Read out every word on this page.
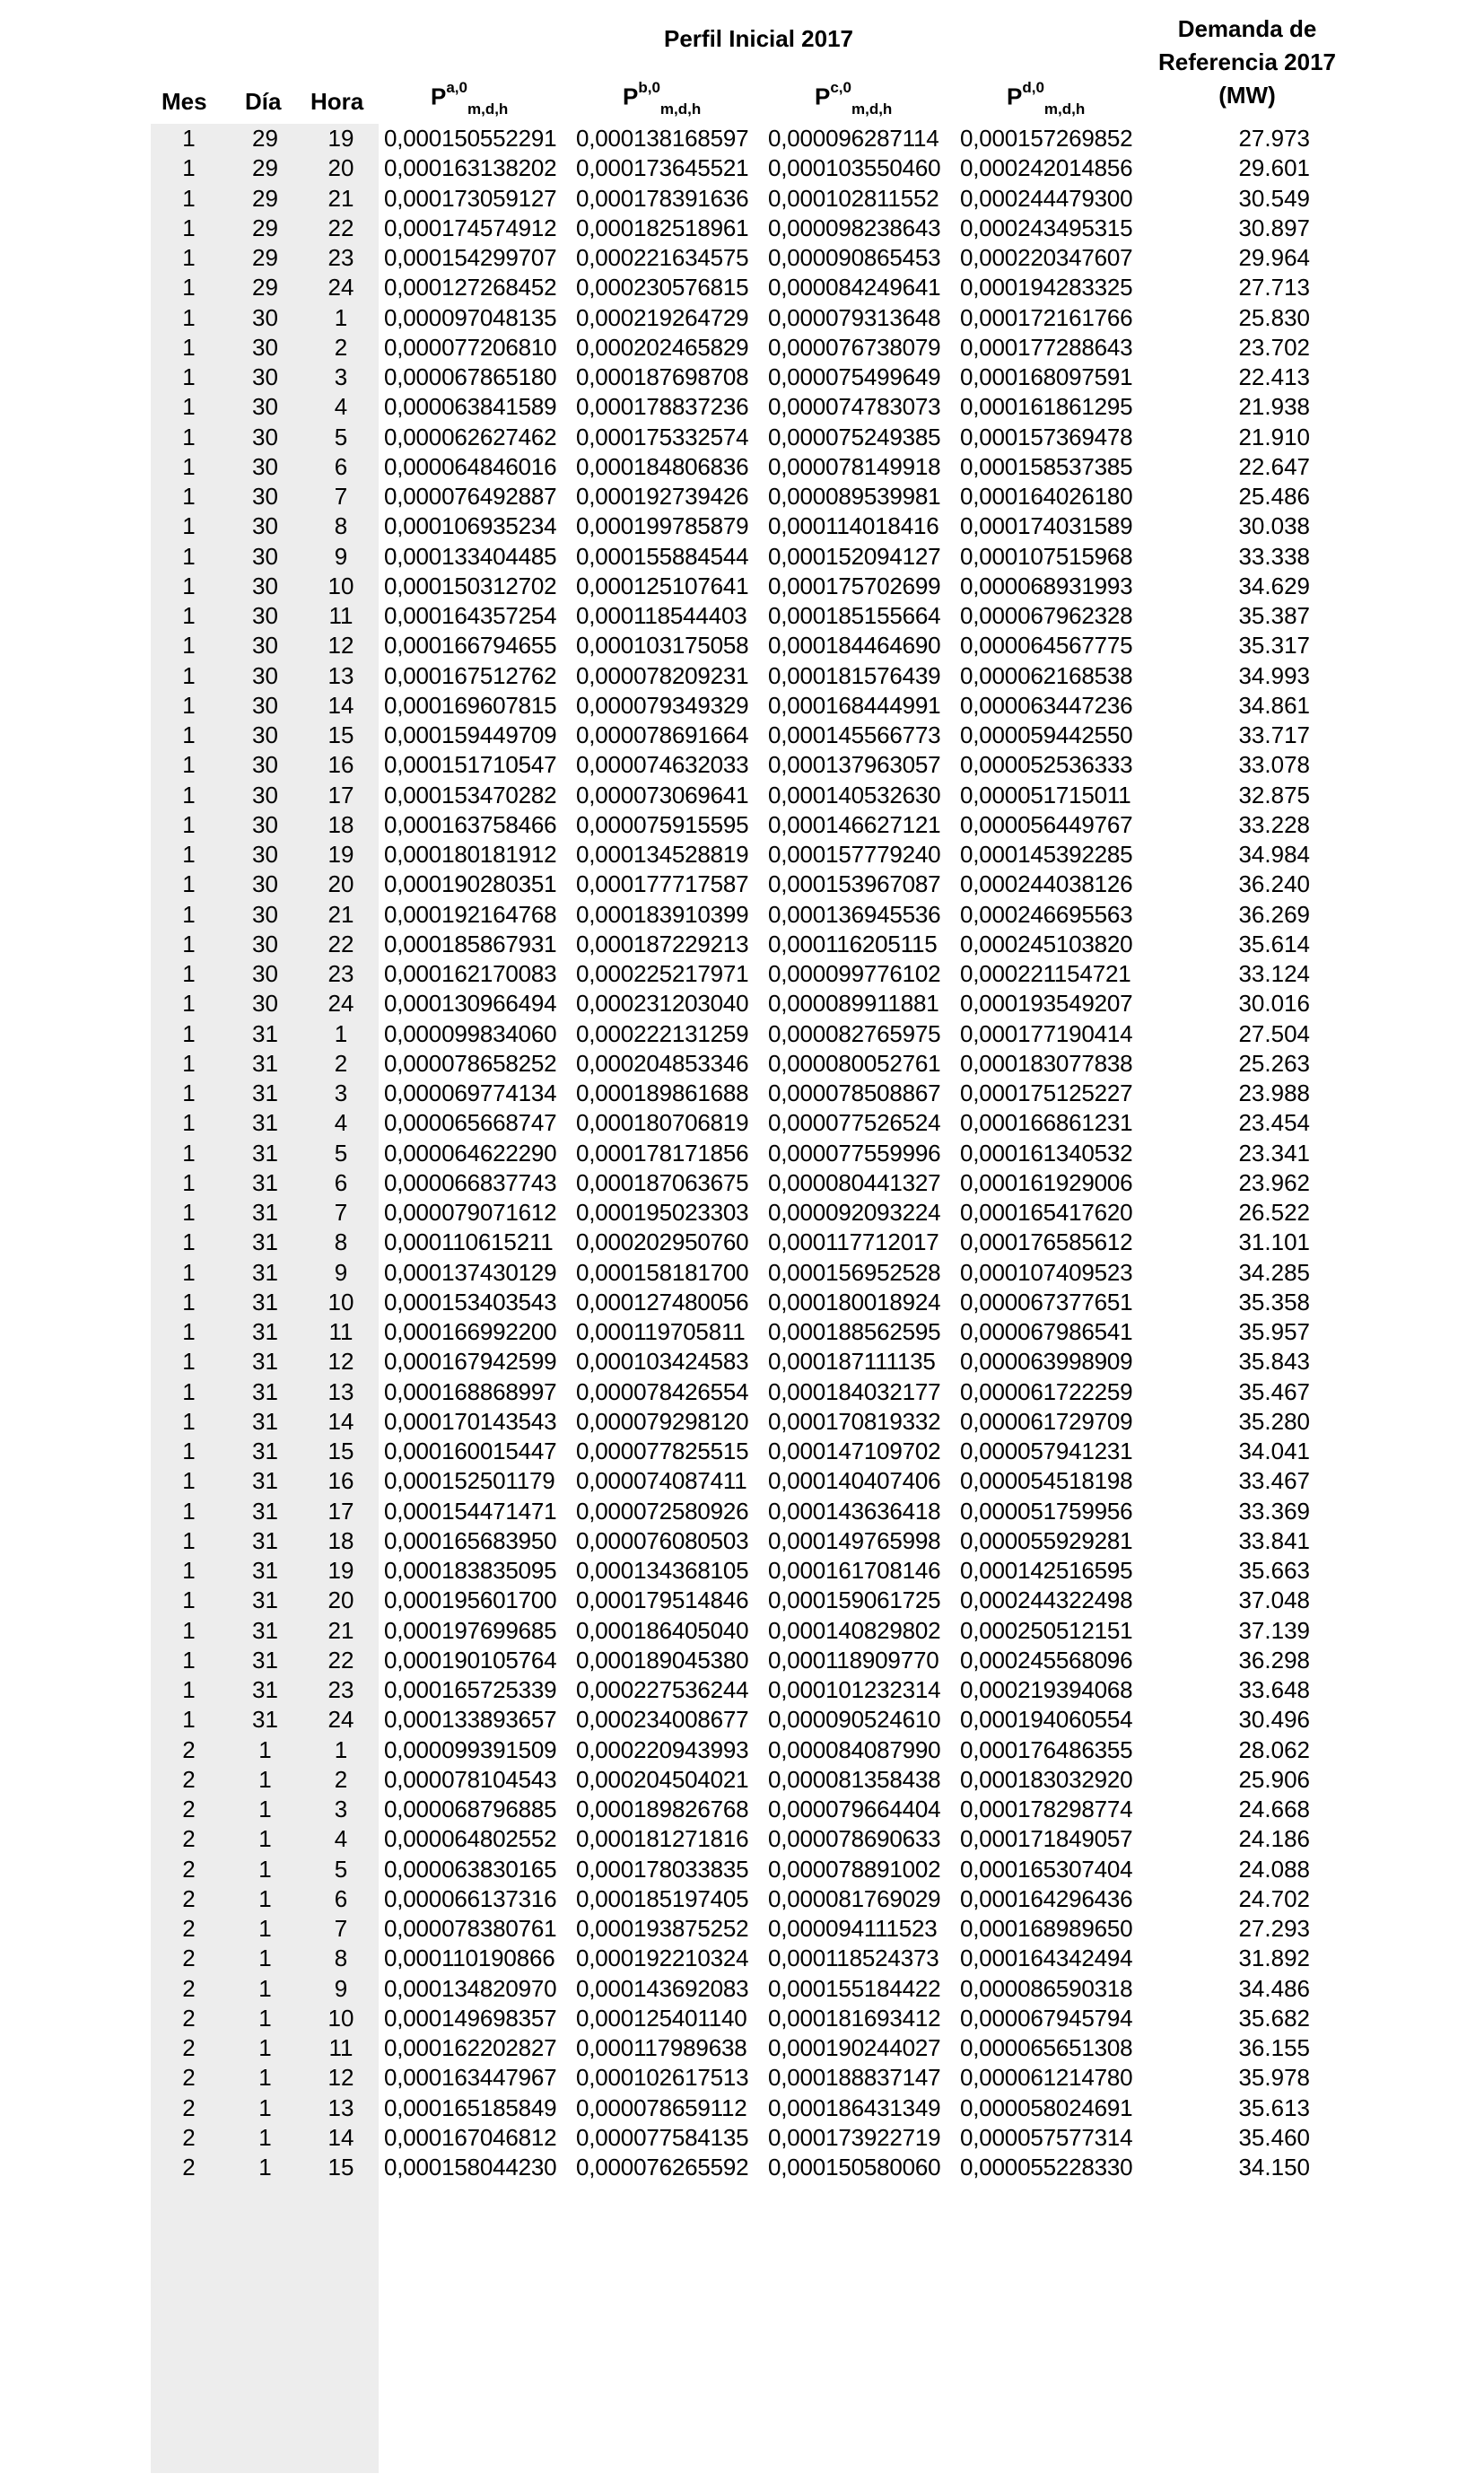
Perfil Inicial 2017	Demanda de
Referencia 2017
(MW)
Mes Día Hora	P$^{a,0}_{m,d,h}$	P$^{b,0}_{m,d,h}$	P$^{c,0}_{m,d,h}$	P$^{d,0}_{m,d,h}$
1	29	19	0,000150552291	0,000138168597	0,000096287114	0,000157269852	27.973
1	29	20	0,000163138202	0,000173645521	0,000103550460	0,000242014856	29.601
1	29	21	0,000173059127	0,000178391636	0,000102811552	0,000244479300	30.549
1	29	22	0,000174574912	0,000182518961	0,000098238643	0,000243495315	30.897
1	29	23	0,000154299707	0,000221634575	0,000090865453	0,000220347607	29.964
1	29	24	0,000127268452	0,000230576815	0,000084249641	0,000194283325	27.713
1	30	1	0,000097048135	0,000219264729	0,000079313648	0,000172161766	25.830
1	30	2	0,000077206810	0,000202465829	0,000076738079	0,000177288643	23.702
1	30	3	0,000067865180	0,000187698708	0,000075499649	0,000168097591	22.413
1	30	4	0,000063841589	0,000178837236	0,000074783073	0,000161861295	21.938
1	30	5	0,000062627462	0,000175332574	0,000075249385	0,000157369478	21.910
1	30	6	0,000064846016	0,000184806836	0,000078149918	0,000158537385	22.647
1	30	7	0,000076492887	0,000192739426	0,000089539981	0,000164026180	25.486
1	30	8	0,000106935234	0,000199785879	0,000114018416	0,000174031589	30.038
1	30	9	0,000133404485	0,000155884544	0,000152094127	0,000107515968	33.338
1	30	10	0,000150312702	0,000125107641	0,000175702699	0,000068931993	34.629
1	30	11	0,000164357254	0,000118544403	0,000185155664	0,000067962328	35.387
1	30	12	0,000166794655	0,000103175058	0,000184464690	0,000064567775	35.317
1	30	13	0,000167512762	0,000078209231	0,000181576439	0,000062168538	34.993
1	30	14	0,000169607815	0,000079349329	0,000168444991	0,000063447236	34.861
1	30	15	0,000159449709	0,000078691664	0,000145566773	0,000059442550	33.717
1	30	16	0,000151710547	0,000074632033	0,000137963057	0,000052536333	33.078
1	30	17	0,000153470282	0,000073069641	0,000140532630	0,000051715011	32.875
1	30	18	0,000163758466	0,000075915595	0,000146627121	0,000056449767	33.228
1	30	19	0,000180181912	0,000134528819	0,000157779240	0,000145392285	34.984
1	30	20	0,000190280351	0,000177717587	0,000153967087	0,000244038126	36.240
1	30	21	0,000192164768	0,000183910399	0,000136945536	0,000246695563	36.269
1	30	22	0,000185867931	0,000187229213	0,000116205115	0,000245103820	35.614
1	30	23	0,000162170083	0,000225217971	0,000099776102	0,000221154721	33.124
1	30	24	0,000130966494	0,000231203040	0,000089911881	0,000193549207	30.016
1	31	1	0,000099834060	0,000222131259	0,000082765975	0,000177190414	27.504
1	31	2	0,000078658252	0,000204853346	0,000080052761	0,000183077838	25.263
1	31	3	0,000069774134	0,000189861688	0,000078508867	0,000175125227	23.988
1	31	4	0,000065668747	0,000180706819	0,000077526524	0,000166861231	23.454
1	31	5	0,000064622290	0,000178171856	0,000077559996	0,000161340532	23.341
1	31	6	0,000066837743	0,000187063675	0,000080441327	0,000161929006	23.962
1	31	7	0,000079071612	0,000195023303	0,000092093224	0,000165417620	26.522
1	31	8	0,000110615211	0,000202950760	0,000117712017	0,000176585612	31.101
1	31	9	0,000137430129	0,000158181700	0,000156952528	0,000107409523	34.285
1	31	10	0,000153403543	0,000127480056	0,000180018924	0,000067377651	35.358
1	31	11	0,000166992200	0,000119705811	0,000188562595	0,000067986541	35.957
1	31	12	0,000167942599	0,000103424583	0,000187111135	0,000063998909	35.843
1	31	13	0,000168868997	0,000078426554	0,000184032177	0,000061722259	35.467
1	31	14	0,000170143543	0,000079298120	0,000170819332	0,000061729709	35.280
1	31	15	0,000160015447	0,000077825515	0,000147109702	0,000057941231	34.041
1	31	16	0,000152501179	0,000074087411	0,000140407406	0,000054518198	33.467
1	31	17	0,000154471471	0,000072580926	0,000143636418	0,000051759956	33.369
1	31	18	0,000165683950	0,000076080503	0,000149765998	0,000055929281	33.841
1	31	19	0,000183835095	0,000134368105	0,000161708146	0,000142516595	35.663
1	31	20	0,000195601700	0,000179514846	0,000159061725	0,000244322498	37.048
1	31	21	0,000197699685	0,000186405040	0,000140829802	0,000250512151	37.139
1	31	22	0,000190105764	0,000189045380	0,000118909770	0,000245568096	36.298
1	31	23	0,000165725339	0,000227536244	0,000101232314	0,000219394068	33.648
1	31	24	0,000133893657	0,000234008677	0,000090524610	0,000194060554	30.496
2	1	1	0,000099391509	0,000220943993	0,000084087990	0,000176486355	28.062
2	1	2	0,000078104543	0,000204504021	0,000081358438	0,000183032920	25.906
2	1	3	0,000068796885	0,000189826768	0,000079664404	0,000178298774	24.668
2	1	4	0,000064802552	0,000181271816	0,000078690633	0,000171849057	24.186
2	1	5	0,000063830165	0,000178033835	0,000078891002	0,000165307404	24.088
2	1	6	0,000066137316	0,000185197405	0,000081769029	0,000164296436	24.702
2	1	7	0,000078380761	0,000193875252	0,000094111523	0,000168989650	27.293
2	1	8	0,000110190866	0,000192210324	0,000118524373	0,000164342494	31.892
2	1	9	0,000134820970	0,000143692083	0,000155184422	0,000086590318	34.486
2	1	10	0,000149698357	0,000125401140	0,000181693412	0,000067945794	35.682
2	1	11	0,000162202827	0,000117989638	0,000190244027	0,000065651308	36.155
2	1	12	0,000163447967	0,000102617513	0,000188837147	0,000061214780	35.978
2	1	13	0,000165185849	0,000078659112	0,000186431349	0,000058024691	35.613
2	1	14	0,000167046812	0,000077584135	0,000173922719	0,000057577314	35.460
2	1	15	0,000158044230	0,000076265592	0,000150580060	0,000055228330	34.150
